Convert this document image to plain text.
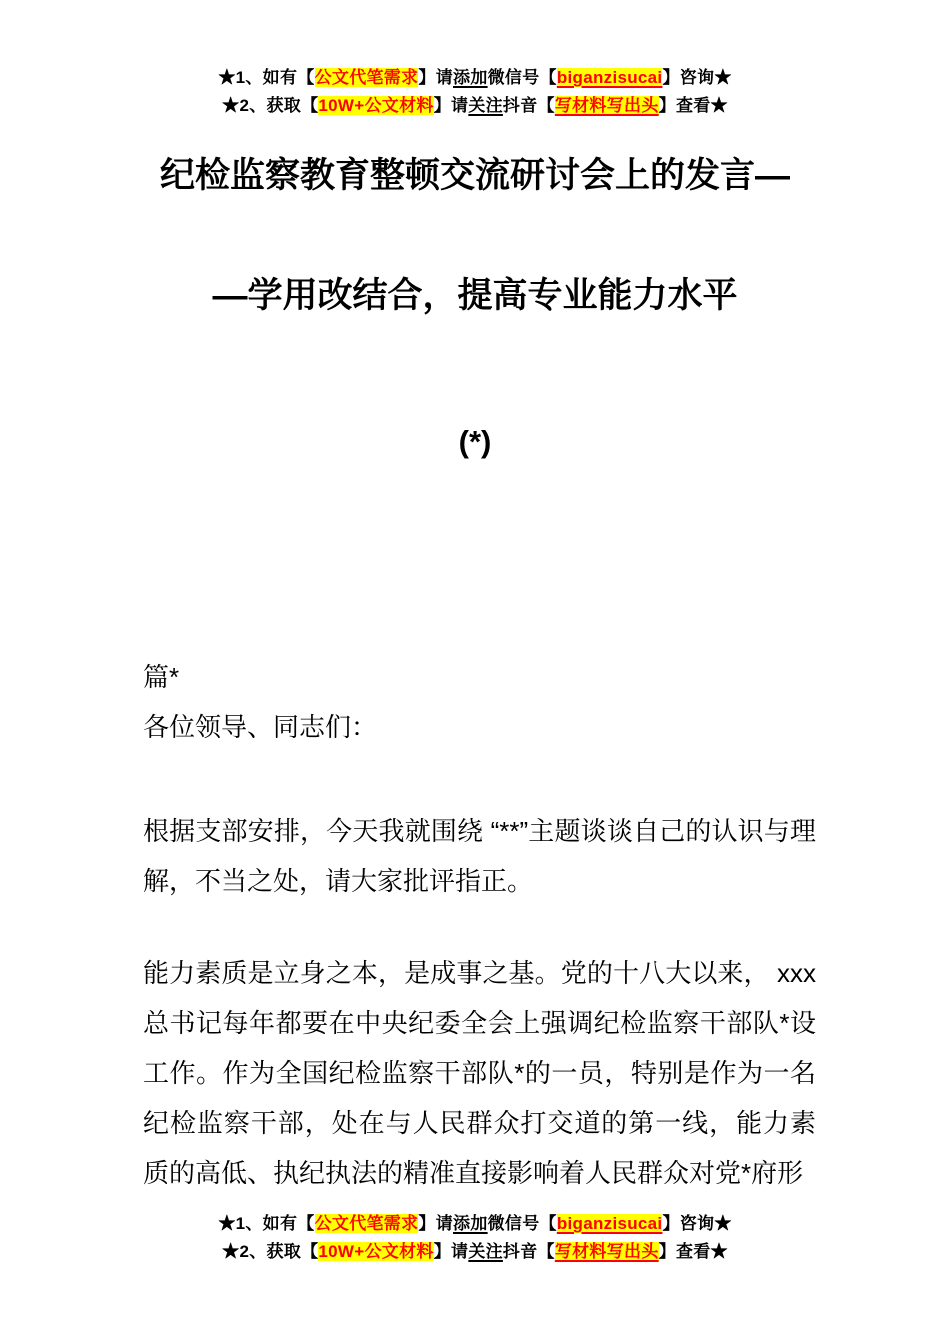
★1、如有【公文代笔需求】请添加微信号【biganzisucai】咨询★
★2、获取【10W+公文材料】请关注抖音【写材料写出头】查看★
纪检监察教育整顿交流研讨会上的发言—
—学用改结合，提高专业能力水平
(*)

篇*

各位领导、同志们：

根据支部安排，今天我就围绕 “**”主题谈谈自己的认识与理解，不当之处，请大家批评指正。

能力素质是立身之本，是成事之基。党的十八大以来， xxx总书记每年都要在中央纪委全会上强调纪检监察干部队*设工作。作为全国纪检监察干部队*的一员，特别是作为一名纪检监察干部，处在与人民群众打交道的第一线，能力素质的高低、执纪执法的精准直接影响着人民群众对党*府形

★1、如有【公文代笔需求】请添加微信号【biganzisucai】咨询★
★2、获取【10W+公文材料】请关注抖音【写材料写出头】查看★
